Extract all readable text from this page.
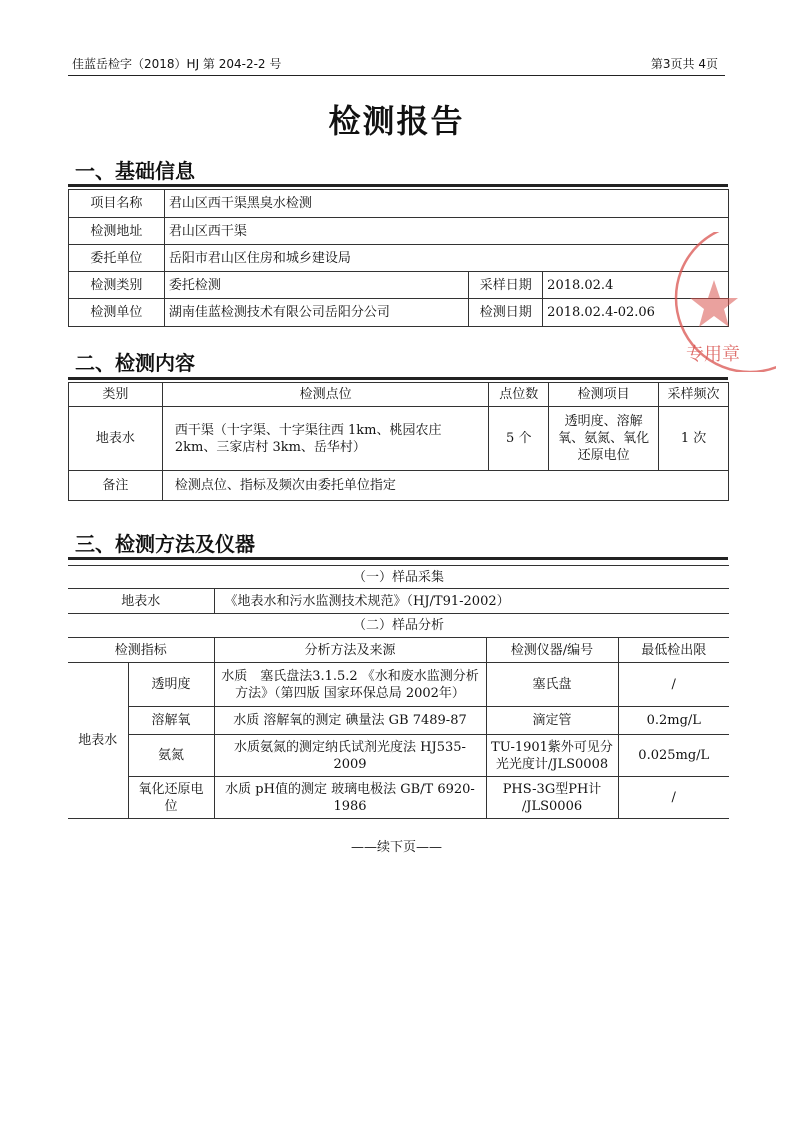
佳蓝岳检字（2018）HJ 第 204-2-2 号	第3页共 4页
检测报告
一、基础信息
项目名称	君山区西干渠黑臭水检测		
检测地址	君山区西干渠		
委托单位	岳阳市君山区住房和城乡建设局		
检测类别	委托检测	采样日期	2018.02.4
检测单位	湖南佳蓝检测技术有限公司岳阳分公司	检测日期	2018.02.4-02.06
二、检测内容
类别	检测点位	点位数	检测项目	采样频次
地表水	西干渠（十字渠、十字渠往西 1km、桃园农庄 2km、三家店村 3km、岳华村）	5 个	透明度、溶解氧、氨氮、氧化还原电位	1 次
备注	检测点位、指标及频次由委托单位指定			
三、检测方法及仪器
（一）样品采集				
地表水		《地表水和污水监测技术规范》（HJ/T91-2002）		
（二）样品分析				
检测指标		分析方法及来源	检测仪器/编号	最低检出限
地表水	透明度	水质　塞氏盘法3.1.5.2 《水和废水监测分析方法》（第四版 国家环保总局 2002年）	塞氏盘	/
	溶解氧	水质 溶解氧的测定 碘量法 GB 7489-87	滴定管	0.2mg/L
	氨氮	水质氨氮的测定纳氏试剂光度法 HJ535-2009	TU-1901紫外可见分光光度计/JLS0008	0.025mg/L
	氧化还原电位	水质 pH值的测定 玻璃电极法 GB/T 6920-1986	PHS-3G型PH计 /JLS0006	/
——续下页——
专用章
